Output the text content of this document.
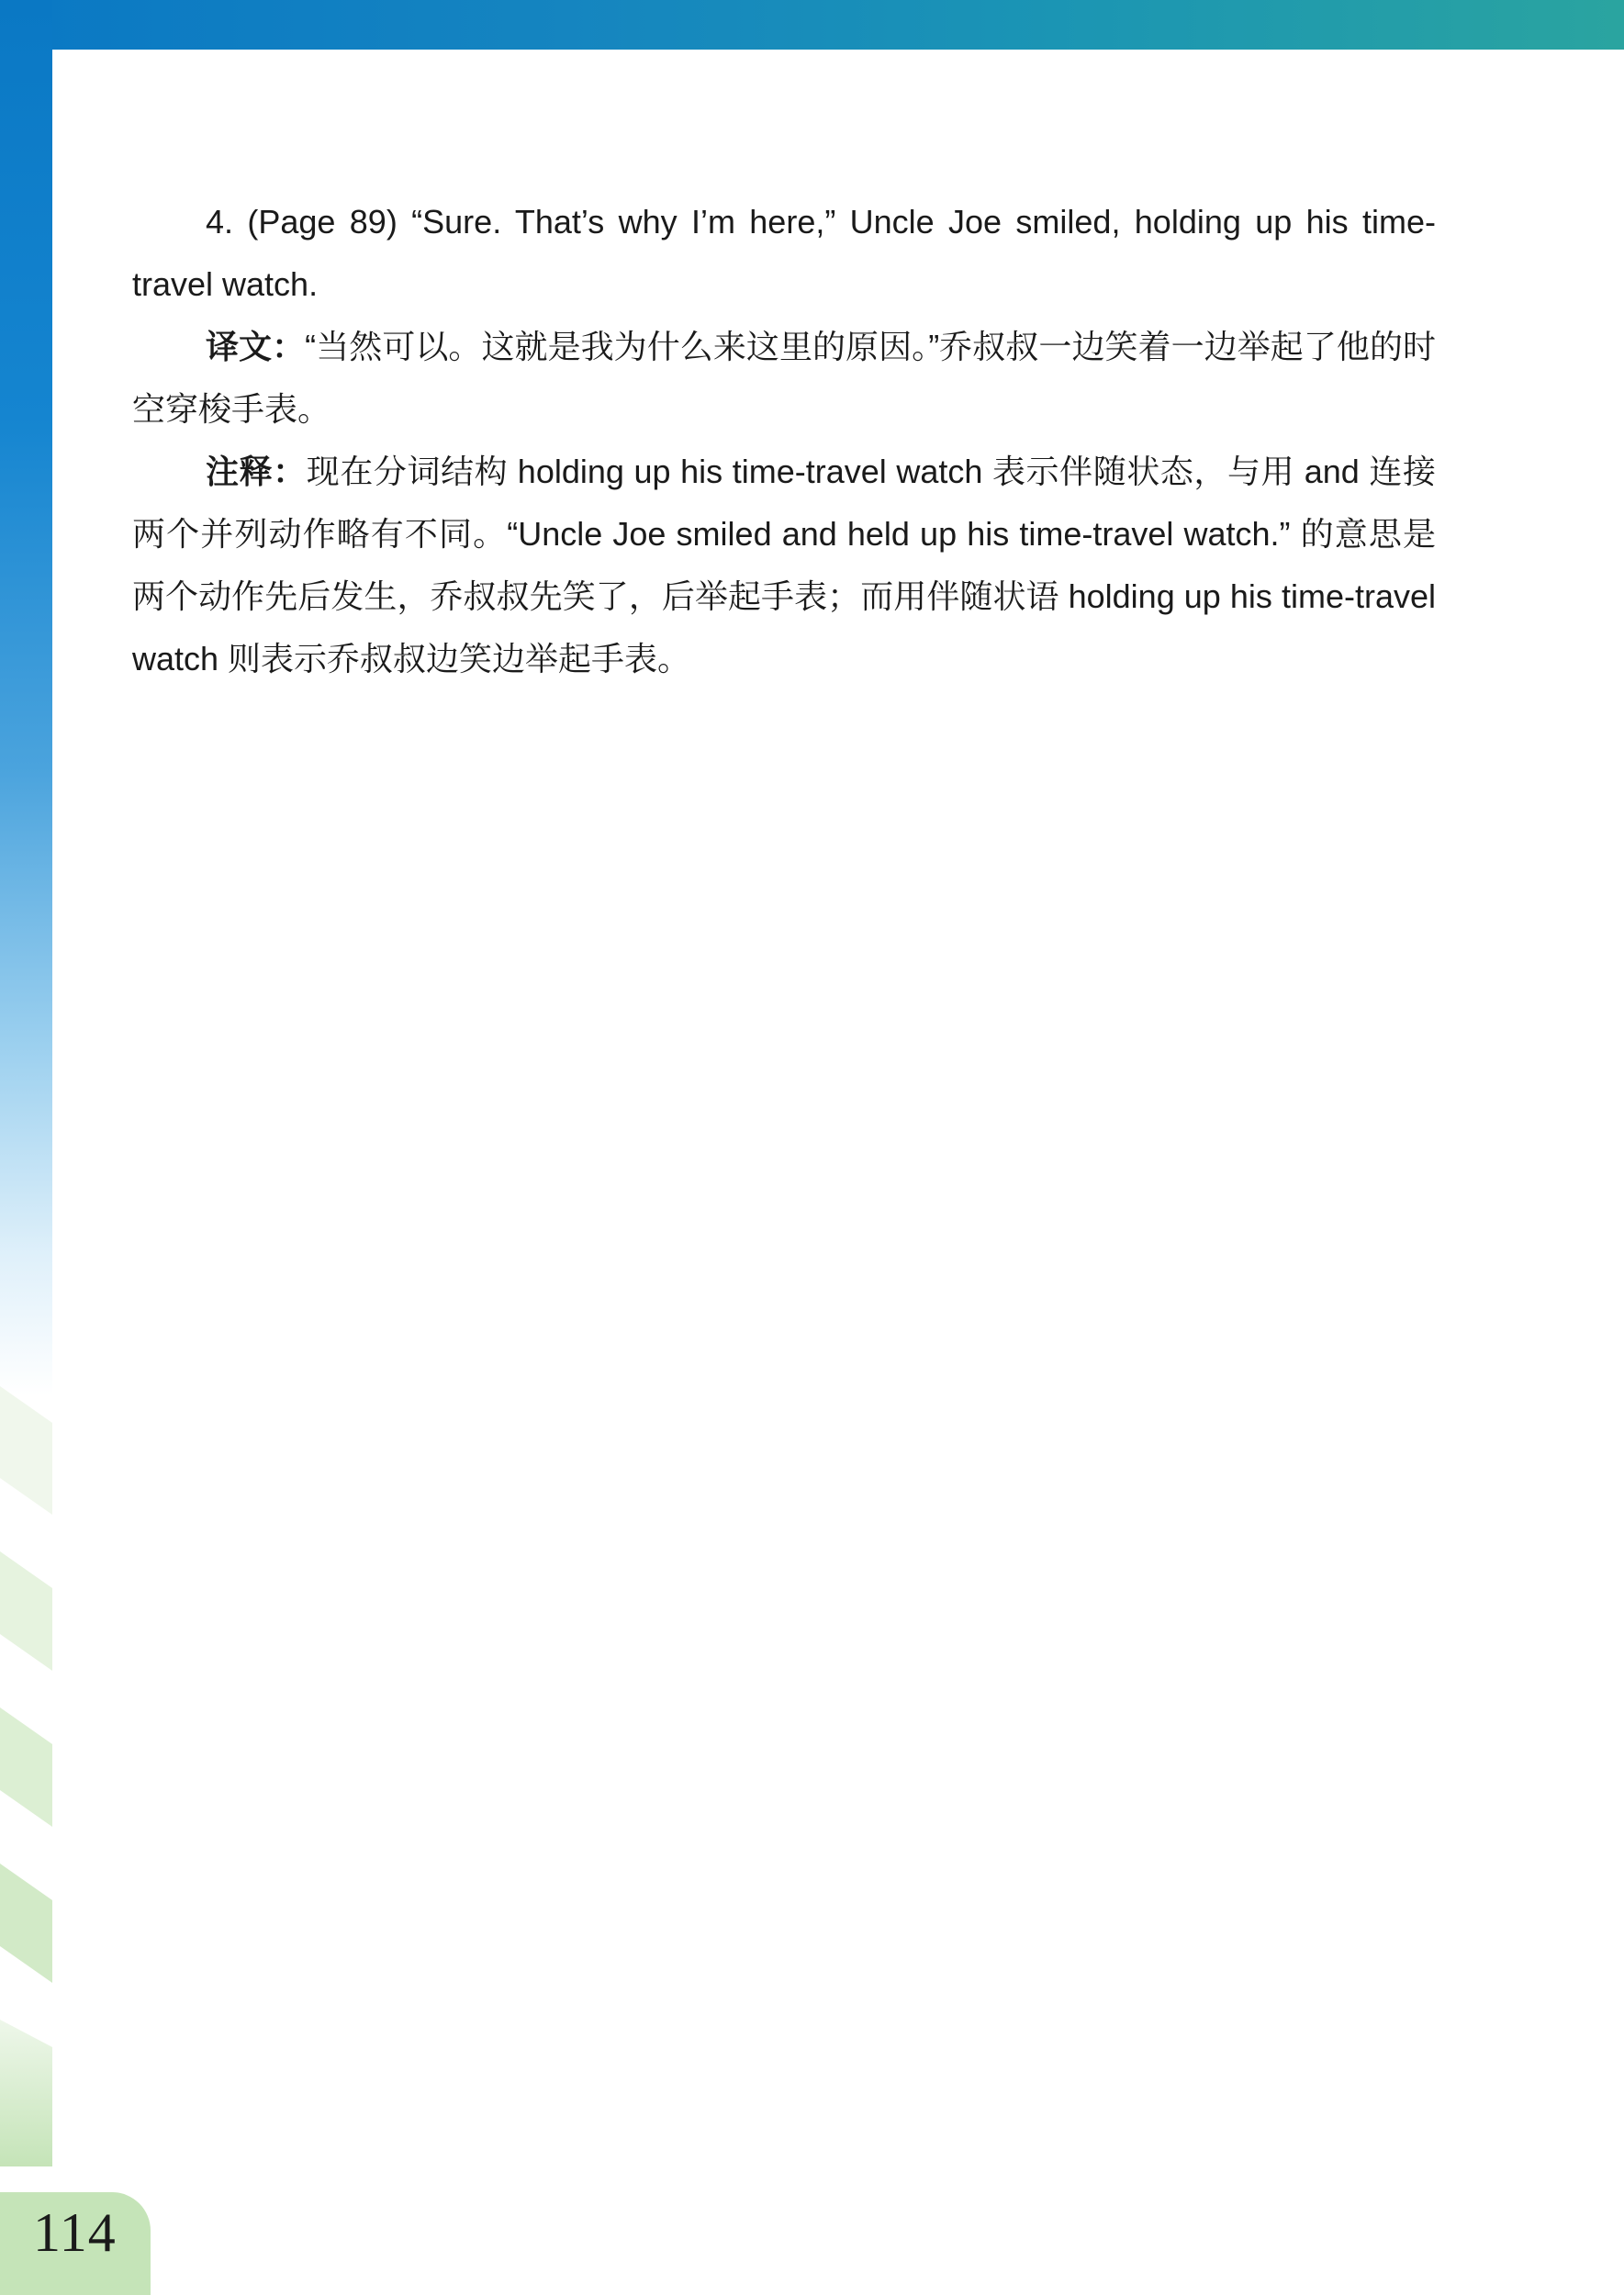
4. (Page 89) “Sure. That’s why I’m here,” Uncle Joe smiled, holding up his time-travel watch.

译文：“当然可以。这就是我为什么来这里的原因。”乔叔叔一边笑着一边举起了他的时空穿梭手表。

注释：现在分词结构 holding up his time-travel watch 表示伴随状态，与用 and 连接两个并列动作略有不同。“Uncle Joe smiled and held up his time-travel watch.” 的意思是两个动作先后发生，乔叔叔先笑了，后举起手表；而用伴随状语 holding up his time-travel watch 则表示乔叔叔边笑边举起手表。

114
